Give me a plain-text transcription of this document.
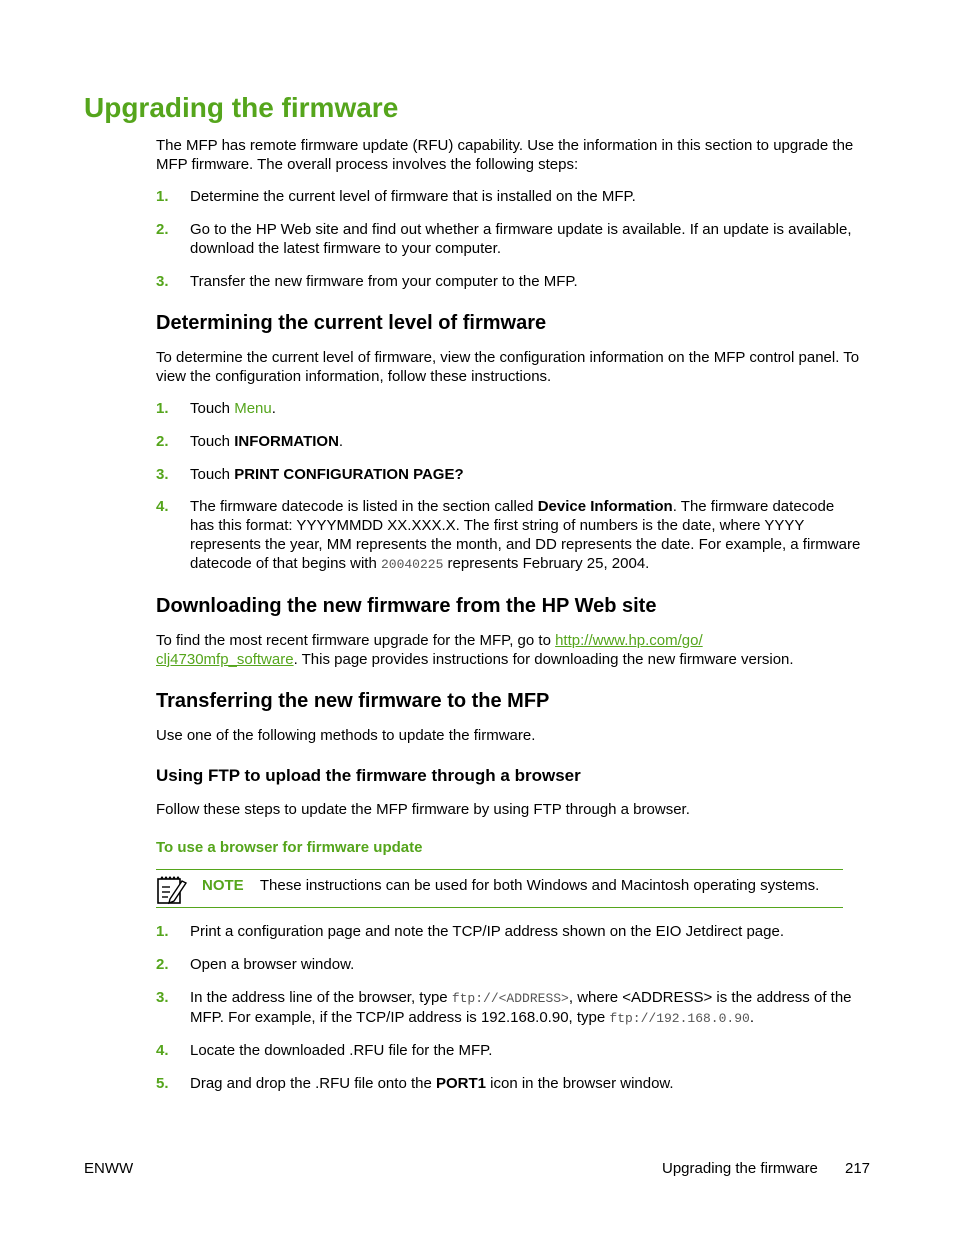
Upgrading the firmware

The MFP has remote firmware update (RFU) capability. Use the information in this section to upgrade the MFP firmware. The overall process involves the following steps:

1. Determine the current level of firmware that is installed on the MFP.
2. Go to the HP Web site and find out whether a firmware update is available. If an update is available, download the latest firmware to your computer.
3. Transfer the new firmware from your computer to the MFP.
Determining the current level of firmware

To determine the current level of firmware, view the configuration information on the MFP control panel. To view the configuration information, follow these instructions.

1. Touch Menu.
2. Touch INFORMATION.
3. Touch PRINT CONFIGURATION PAGE?
4. The firmware datecode is listed in the section called Device Information. The firmware datecode has this format: YYYYMMDD XX.XXX.X. The first string of numbers is the date, where YYYY represents the year, MM represents the month, and DD represents the date. For example, a firmware datecode of that begins with 20040225 represents February 25, 2004.
Downloading the new firmware from the HP Web site

To find the most recent firmware upgrade for the MFP, go to http://www.hp.com/go/
clj4730mfp_software. This page provides instructions for downloading the new firmware version.

Transferring the new firmware to the MFP

Use one of the following methods to update the firmware.

Using FTP to upload the firmware through a browser

Follow these steps to update the MFP firmware by using FTP through a browser.

To use a browser for firmware update
NOTE These instructions can be used for both Windows and Macintosh operating systems.
1. Print a configuration page and note the TCP/IP address shown on the EIO Jetdirect page.
2. Open a browser window.
3. In the address line of the browser, type ftp://<ADDRESS>, where <ADDRESS> is the address of the MFP. For example, if the TCP/IP address is 192.168.0.90, type ftp://192.168.0.90.
4. Locate the downloaded .RFU file for the MFP.
5. Drag and drop the .RFU file onto the PORT1 icon in the browser window.
ENWW	Upgrading the firmware 217
